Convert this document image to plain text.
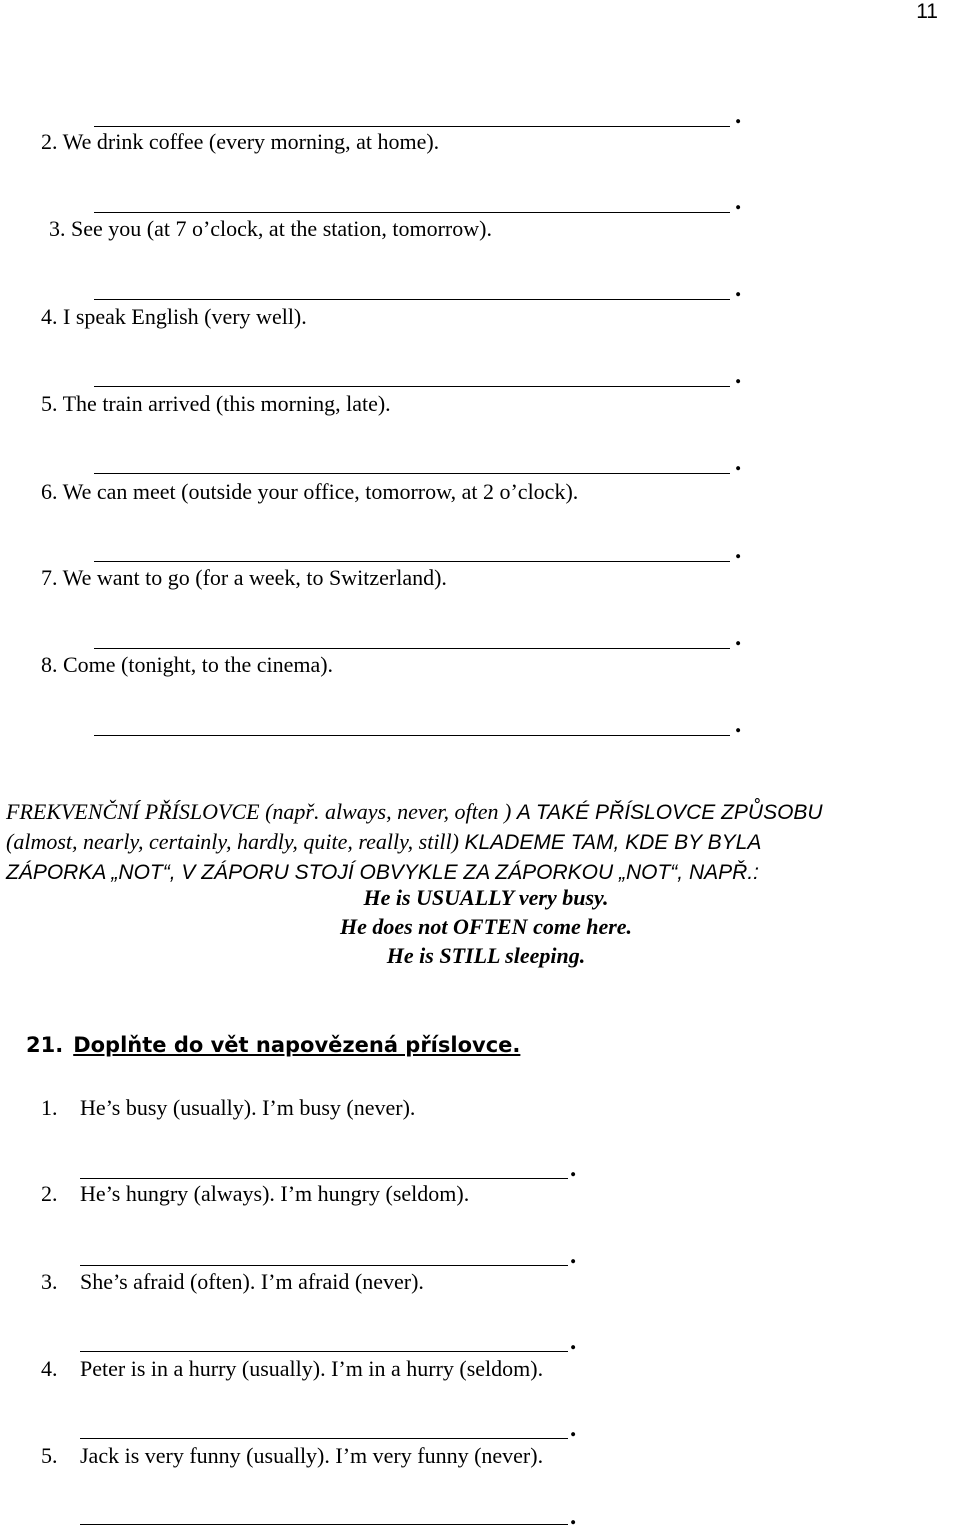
11
.
2. We drink coffee (every morning, at home).
.
3. See you (at 7 o’clock, at the station, tomorrow).
.
4. I speak English (very well).
.
5. The train arrived (this morning, late).
.
6. We can meet (outside your office, tomorrow, at 2 o’clock).
.
7. We want to go (for a week, to Switzerland).
.
8. Come (tonight, to the cinema).
.
FREKVENČNÍ PŘÍSLOVCE (např. always, never, often ) A TAKÉ PŘÍSLOVCE ZPŮSOBU
(almost, nearly, certainly, hardly, quite, really, still) KLADEME TAM, KDE BY BYLA
ZÁPORKA „NOT“, V ZÁPORU STOJÍ OBVYKLE ZA ZÁPORKOU „NOT“, NAPŘ.:
He is USUALLY very busy.
He does not OFTEN come here.
He is STILL sleeping.
21. Doplňte do vět napovězená příslovce.
1. He’s busy (usually). I’m busy (never).
.
2. He’s hungry (always). I’m hungry (seldom).
.
3. She’s afraid (often). I’m afraid (never).
.
4. Peter is in a hurry (usually). I’m in a hurry (seldom).
.
5. Jack is very funny (usually). I’m very funny (never).
.
